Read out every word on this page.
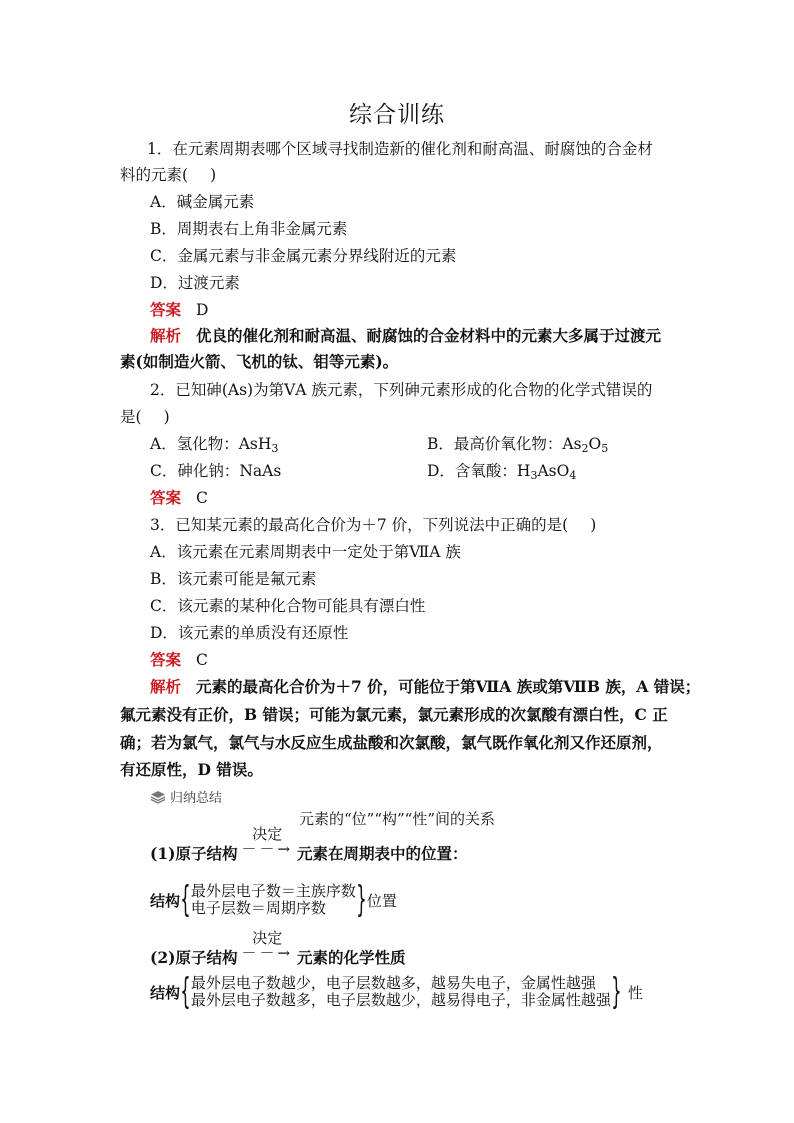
综合训练
1．在元素周期表哪个区域寻找制造新的催化剂和耐高温、耐腐蚀的合金材
料的元素( )
A．碱金属元素
B．周期表右上角非金属元素
C．金属元素与非金属元素分界线附近的元素
D．过渡元素
答案 D
解析 优良的催化剂和耐高温、耐腐蚀的合金材料中的元素大多属于过渡元
素(如制造火箭、飞机的钛、钼等元素)。
2．已知砷(As)为第ⅤA 族元素，下列砷元素形成的化合物的化学式错误的
是( )
A．氢化物：AsH$_3$	B．最高价氧化物：$As_2O_5$
C．砷化钠：NaAs	D．含氧酸：$H_3AsO_4$
答案 C
3．已知某元素的最高化合价为＋7 价，下列说法中正确的是( )
A．该元素在元素周期表中一定处于第ⅦA 族
B．该元素可能是氟元素
C．该元素的某种化合物可能具有漂白性
D．该元素的单质没有还原性
答案 C
解析 元素的最高化合价为＋7 价，可能位于第ⅦA 族或第ⅦB 族，A 错误；
氟元素没有正价，B 错误；可能为氯元素，氯元素形成的次氯酸有漂白性，C 正
确；若为氯气，氯气与水反应生成盐酸和次氯酸，氯气既作氧化剂又作还原剂，
有还原性，D 错误。
归纳总结
元素的“位”“构”“性”间的关系
(1)原子结构
决定
－－→ 元素在周期表中的位置：
结构 { 最外层电子数＝主族序数
电子层数＝周期序数 } 位置
(2)原子结构
决定
－－→ 元素的化学性质
结构 { 最外层电子数越少，电子层数越多，越易失电子，金属性越强
最外层电子数越多，电子层数越少，越易得电子，非金属性越强 } 性
